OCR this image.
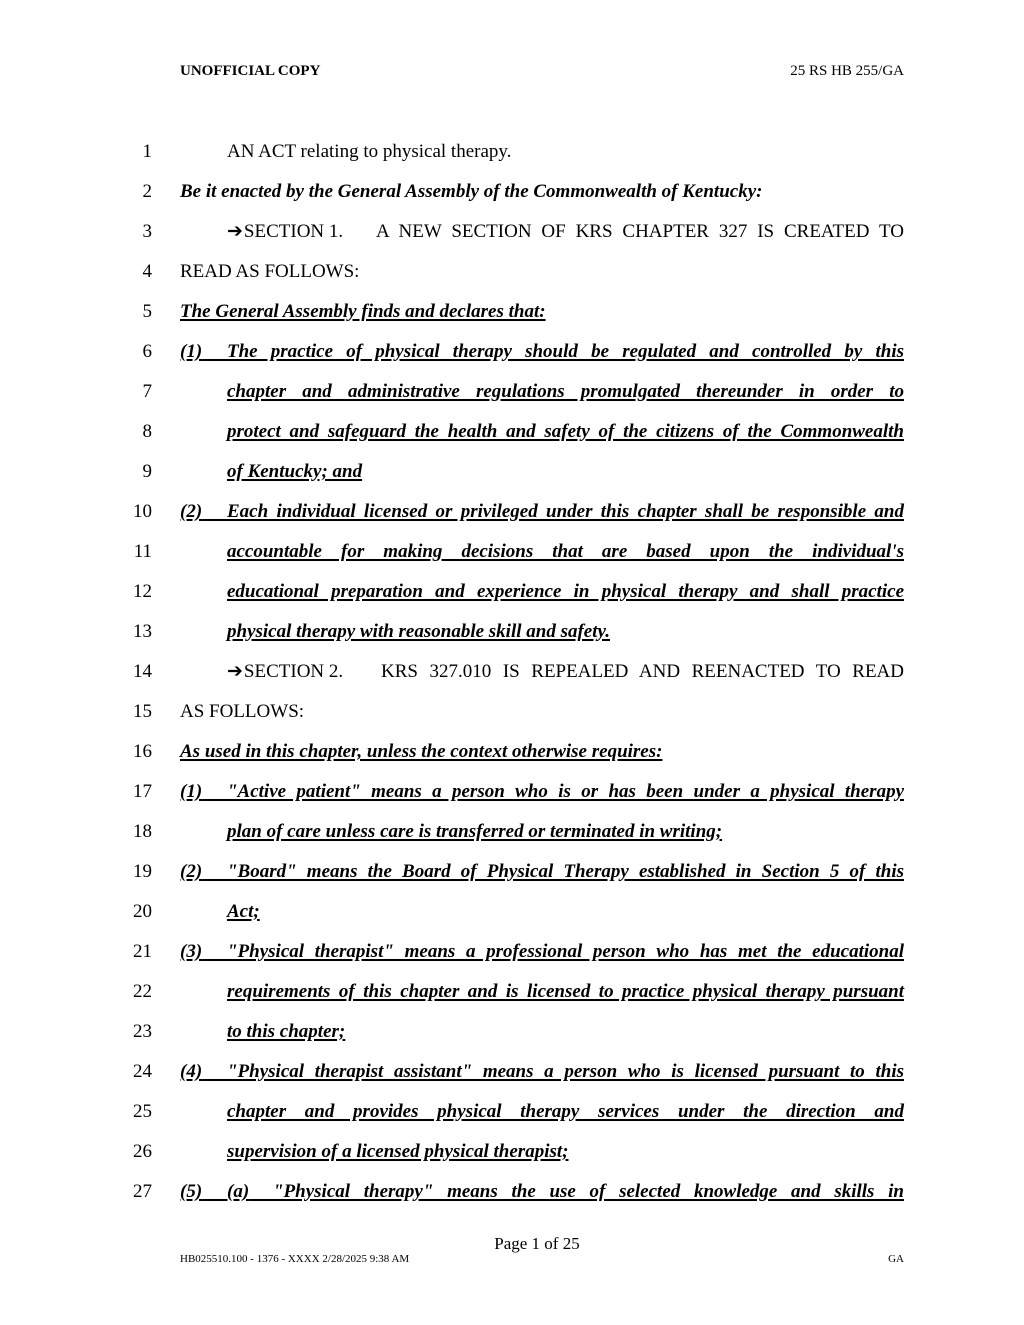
UNOFFICIAL COPY	25 RS HB 255/GA
1	AN ACT relating to physical therapy.
2 Be it enacted by the General Assembly of the Commonwealth of Kentucky:
3	➔SECTION 1.	A NEW SECTION OF KRS CHAPTER 327 IS CREATED TO
4 READ AS FOLLOWS:
5 The General Assembly finds and declares that:
6 (1)	The practice of physical therapy should be regulated and controlled by this
7	chapter and administrative regulations promulgated thereunder in order to
8	protect and safeguard the health and safety of the citizens of the Commonwealth
9	of Kentucky; and
10 (2)	Each individual licensed or privileged under this chapter shall be responsible and
11	accountable for making decisions that are based upon the individual's
12	educational preparation and experience in physical therapy and shall practice
13	physical therapy with reasonable skill and safety.
14	➔SECTION 2. KRS 327.010 IS REPEALED AND REENACTED TO READ
15 AS FOLLOWS:
16 As used in this chapter, unless the context otherwise requires:
17 (1)	"Active patient" means a person who is or has been under a physical therapy
18	plan of care unless care is transferred or terminated in writing;
19 (2)	"Board" means the Board of Physical Therapy established in Section 5 of this
20	Act;
21 (3)	"Physical therapist" means a professional person who has met the educational
22	requirements of this chapter and is licensed to practice physical therapy pursuant
23	to this chapter;
24 (4)	"Physical therapist assistant" means a person who is licensed pursuant to this
25	chapter and provides physical therapy services under the direction and
26	supervision of a licensed physical therapist;
27 (5)	(a)	"Physical therapy" means the use of selected knowledge and skills in
Page 1 of 25
HB025510.100 - 1376 - XXXX 2/28/2025 9:38 AM	GA
